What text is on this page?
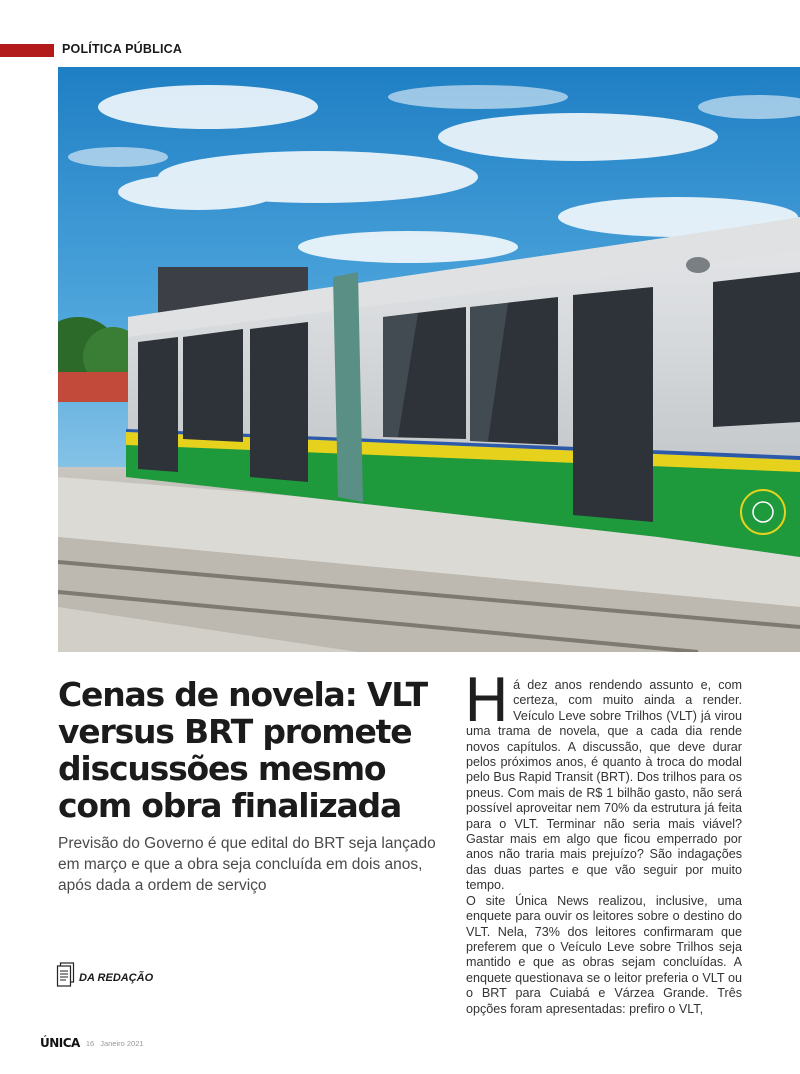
POLÍTICA PÚBLICA
Cenas de novela: VLT versus BRT promete discussões mesmo com obra finalizada

Previsão do Governo é que edital do BRT seja lançado em março e que a obra seja concluída em dois anos, após dada a ordem de serviço

DA REDAÇÃO
H á dez anos rendendo assunto e, com certeza, com muito ainda a render. Veículo Leve sobre Trilhos (VLT) já virou uma trama de novela, que a cada dia rende novos capítulos. A discussão, que deve durar pelos próximos anos, é quanto à troca do modal pelo Bus Rapid Transit (BRT). Dos trilhos para os pneus. Com mais de R$ 1 bilhão gasto, não será possível aproveitar nem 70% da estrutura já feita para o VLT. Terminar não seria mais viável? Gastar mais em algo que ficou emperrado por anos não traria mais prejuízo? São indagações das duas partes e que vão seguir por muito tempo.

O site Única News realizou, inclusive, uma enquete para ouvir os leitores sobre o destino do VLT. Nela, 73% dos leitores confirmaram que preferem que o Veículo Leve sobre Trilhos seja mantido e que as obras sejam concluídas. A enquete questionava se o leitor preferia o VLT ou o BRT para Cuiabá e Várzea Grande. Três opções foram apresentadas: prefiro o VLT,

ÚNICA 16 Janeiro 2021
